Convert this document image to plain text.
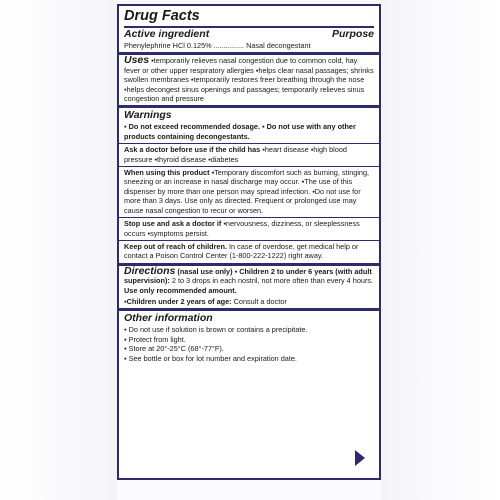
Drug Facts
Active ingredient	Purpose
Phenylephrine HCl 0.125% ............... Nasal decongestant
Uses ▪temporarily relieves nasal congestion due to common cold, hay fever or other upper respiratory allergies ▪helps clear nasal passages; shrinks swollen membranes ▪temporarily restores freer breathing through the nose ▪helps decongest sinus openings and passages; temporarily relieves sinus congestion and pressure
Warnings
▪ Do not exceed recommended dosage. ▪ Do not use with any other products containing decongestants.
Ask a doctor before use if the child has ▪heart disease ▪high blood pressure ▪thyroid disease ▪diabetes
When using this product ▪Temporary discomfort such as burning, stinging, sneezing or an increase in nasal discharge may occur. ▪The use of this dispenser by more than one person may spread infection. ▪Do not use for more than 3 days. Use only as directed. Frequent or prolonged use may cause nasal congestion to recur or worsen.
Stop use and ask a doctor if ▪nervousness, dizziness, or sleeplessness occurs ▪symptoms persist.
Keep out of reach of children. In case of overdose, get medical help or contact a Poison Control Center (1-800-222-1222) right away.
Directions (nasal use only) ▪ Children 2 to under 6 years (with adult supervision): 2 to 3 drops in each nostril, not more often than every 4 hours. Use only recommended amount.
▪Children under 2 years of age: Consult a doctor
Other information
▪ Do not use if solution is brown or contains a precipitate.
▪ Protect from light.
▪ Store at 20°-25°C (68°-77°F).
▪ See bottle or box for lot number and expiration date.
